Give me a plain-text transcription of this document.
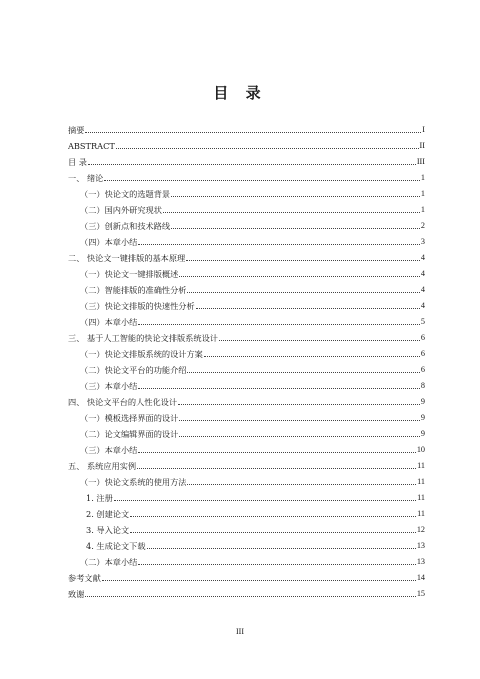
目 录
摘要	I
ABSTRACT	II
目 录	III
一、 绪论	1
（一）快论文的选题背景	1
（二）国内外研究现状	1
（三）创新点和技术路线	2
（四）本章小结	3
二、 快论文一键排版的基本原理	4
（一）快论文一键排版概述	4
（二）智能排版的准确性分析	4
（三）快论文排版的快速性分析	4
（四）本章小结	5
三、 基于人工智能的快论文排版系统设计	6
（一）快论文排版系统的设计方案	6
（二）快论文平台的功能介绍	6
（三）本章小结	8
四、 快论文平台的人性化设计	9
（一）模板选择界面的设计	9
（二）论文编辑界面的设计	9
（三）本章小结	10
五、 系统应用实例	11
（一）快论文系统的使用方法	11
1. 注册	11
2. 创建论文	11
3. 导入论文	12
4. 生成论文下载	13
（二）本章小结	13
参考文献	14
致谢	15
III
